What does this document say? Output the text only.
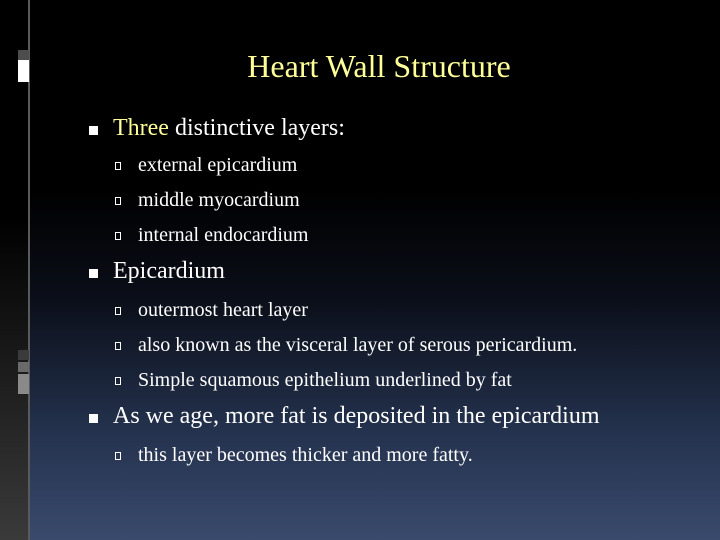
Heart Wall Structure
Three distinctive layers:
external epicardium
middle myocardium
internal endocardium
Epicardium
outermost heart layer
also known as the visceral layer of serous pericardium.
Simple squamous epithelium underlined by fat
As we age, more fat is deposited in the epicardium
this layer becomes thicker and more fatty.
